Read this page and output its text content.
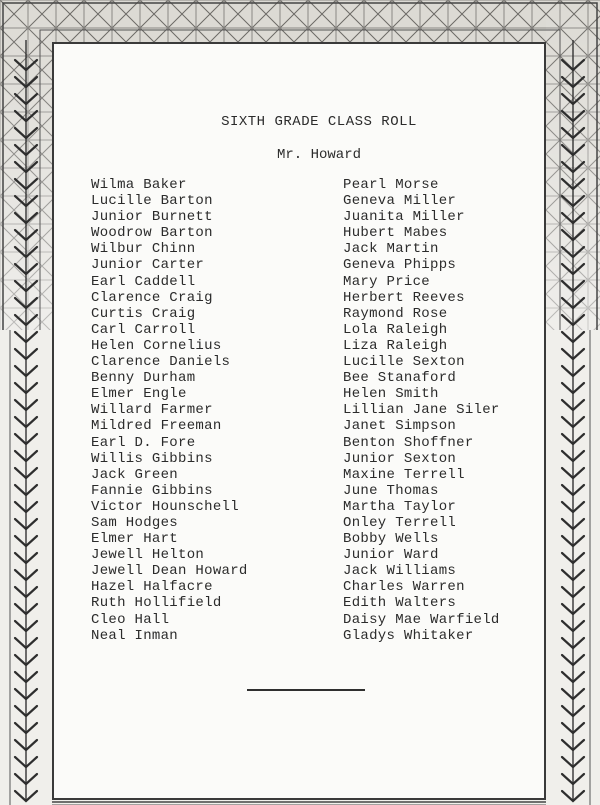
SIXTH GRADE CLASS ROLL
Mr. Howard
Wilma Baker
Lucille Barton
Junior Burnett
Woodrow Barton
Wilbur Chinn
Junior Carter
Earl Caddell
Clarence Craig
Curtis Craig
Carl Carroll
Helen Cornelius
Clarence Daniels
Benny Durham
Elmer Engle
Willard Farmer
Mildred Freeman
Earl D. Fore
Willis Gibbins
Jack Green
Fannie Gibbins
Victor Hounschell
Sam Hodges
Elmer Hart
Jewell Helton
Jewell Dean Howard
Hazel Halfacre
Ruth Hollifield
Cleo Hall
Neal Inman
Pearl Morse
Geneva Miller
Juanita Miller
Hubert Mabes
Jack Martin
Geneva Phipps
Mary Price
Herbert Reeves
Raymond Rose
Lola Raleigh
Liza Raleigh
Lucille Sexton
Bee Stanaford
Helen Smith
Lillian Jane Siler
Janet Simpson
Benton Shoffner
Junior Sexton
Maxine Terrell
June Thomas
Martha Taylor
Onley Terrell
Bobby Wells
Junior Ward
Jack Williams
Charles Warren
Edith Walters
Daisy Mae Warfield
Gladys Whitaker
